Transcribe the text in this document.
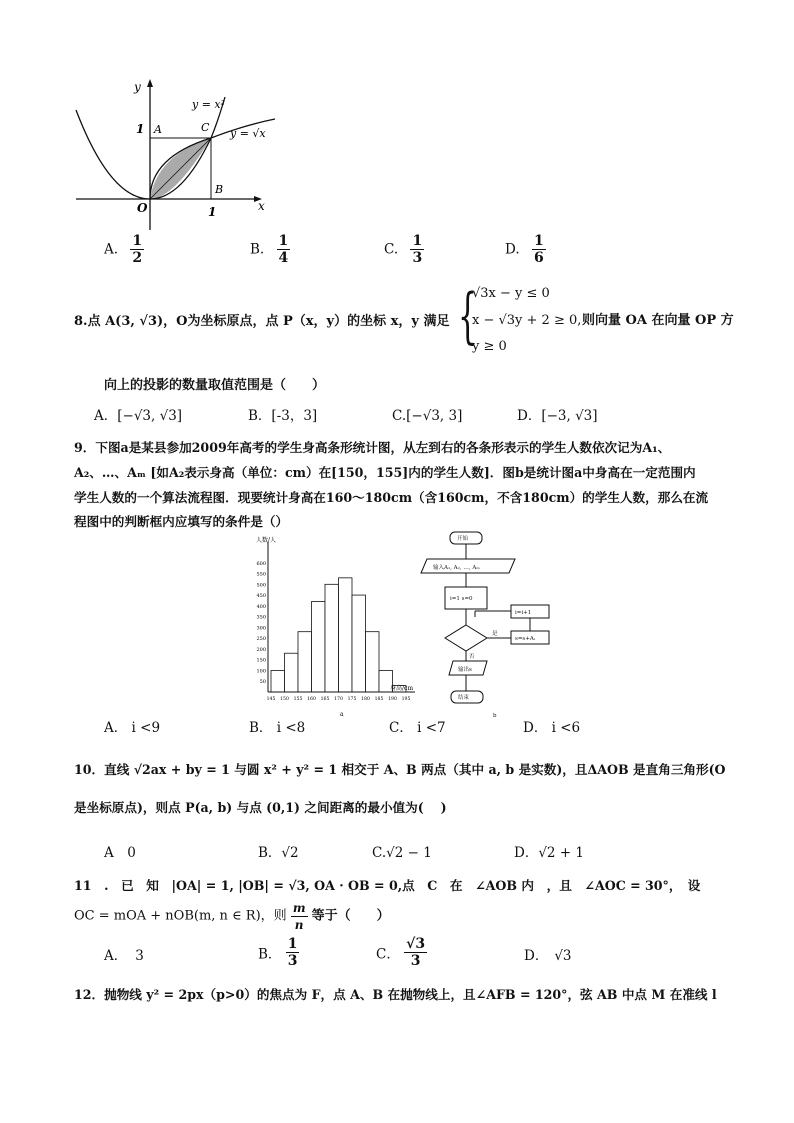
y
x
O
A	C
B
1
1
y = x²
y = √x
A. $\frac{1}{2}$	B. $\frac{1}{4}$	C. $\frac{1}{3}$	D. $\frac{1}{6}$
8.点 A(3, √3)，O为坐标原点，点 P（x，y）的坐标 x，y 满足 {
√3x − y ≤ 0
x − √3y + 2 ≥ 0,
y ≥ 0
则向量 OA 在向量 OP 方
向上的投影的数量取值范围是（　　）
A．[−√3, √3]	B．[-3，3]	C.[−√3, 3]	D．[−3, √3]
9．下图a是某县参加2009年高考的学生身高条形统计图，从左到右的各条形表示的学生人数依次记为A₁、
A₂、…、Aₘ [如A₂表示身高（单位：cm）在[150，155]内的学生人数]．图b是统计图a中身高在一定范围内
学生人数的一个算法流程图．现要统计身高在160～180cm（含160cm，不含180cm）的学生人数，那么在流
程图中的判断框内应填写的条件是（）
50
100
150
200
250
300
350
400
450
500
550
600
145 150 155 160 165 170 175 180 185 190 195
人数/人
身高/cm
a
开始
输入A₁, A₂, …, Aₘ
i=1 s=0
i=i+1
s=s+Aᵢ
是
否
输出s
结束
b
A． i <9	B． i <8	C． i <7	D． i <6
10．直线 √2ax + by = 1 与圆 x² + y² = 1 相交于 A、B 两点（其中 a, b 是实数)，且ΔAOB 是直角三角形(O
是坐标原点)，则点 P(a, b) 与点 (0,1) 之间距离的最小值为(　 )
A　0	B．√2	C.√2 − 1	D．√2 + 1
11　.　已　知　|OA| = 1, |OB| = √3, OA · OB = 0,点　C　在　∠AOB 内　，且　∠AOC = 30°，　设
OC = mOA + nOB(m, n ∈ R)，则 $\frac{m}{n}$ 等于（　　）
A． 3	B． $\frac{1}{3}$	C． $\frac{√3}{3}$	D． √3
12．抛物线 y² = 2px（p>0）的焦点为 F，点 A、B 在抛物线上，且∠AFB = 120°，弦 AB 中点 M 在准线 l
